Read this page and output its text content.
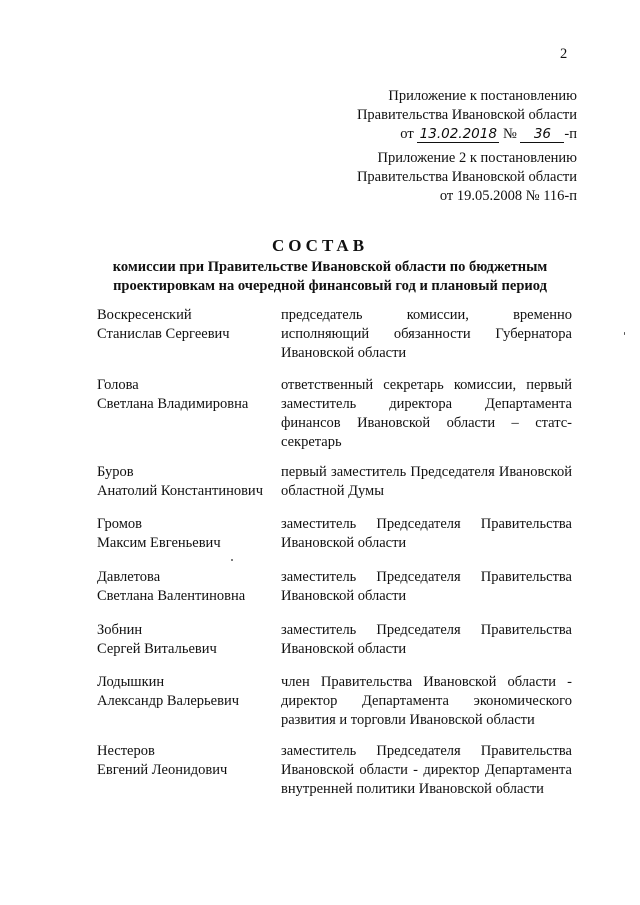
2
Приложение к постановлению
Правительства Ивановской области
от 13.02.2018 № 36 -п
Приложение 2 к постановлению
Правительства Ивановской области
от 19.05.2008 № 116-п
СОСТАВ
комиссии при Правительстве Ивановской области по бюджетным
проектировкам на очередной финансовый год и плановый период
Воскресенский
Станислав Сергеевич
председатель комиссии, временно исполняющий обязанности Губернатора Ивановской области
Голова
Светлана Владимировна
ответственный секретарь комиссии, первый заместитель директора Департамента финансов Ивановской области – статс-секретарь
Буров
Анатолий Константинович
первый заместитель Председателя Ивановской областной Думы
Громов
Максим Евгеньевич
заместитель Председателя Правительства Ивановской области
Давлетова
Светлана Валентиновна
заместитель Председателя Правительства Ивановской области
Зобнин
Сергей Витальевич
заместитель Председателя Правительства Ивановской области
Лодышкин
Александр Валерьевич
член Правительства Ивановской области - директор Департамента экономического развития и торговли Ивановской области
Нестеров
Евгений Леонидович
заместитель Председателя Правительства Ивановской области - директор Департамента внутренней политики Ивановской области
